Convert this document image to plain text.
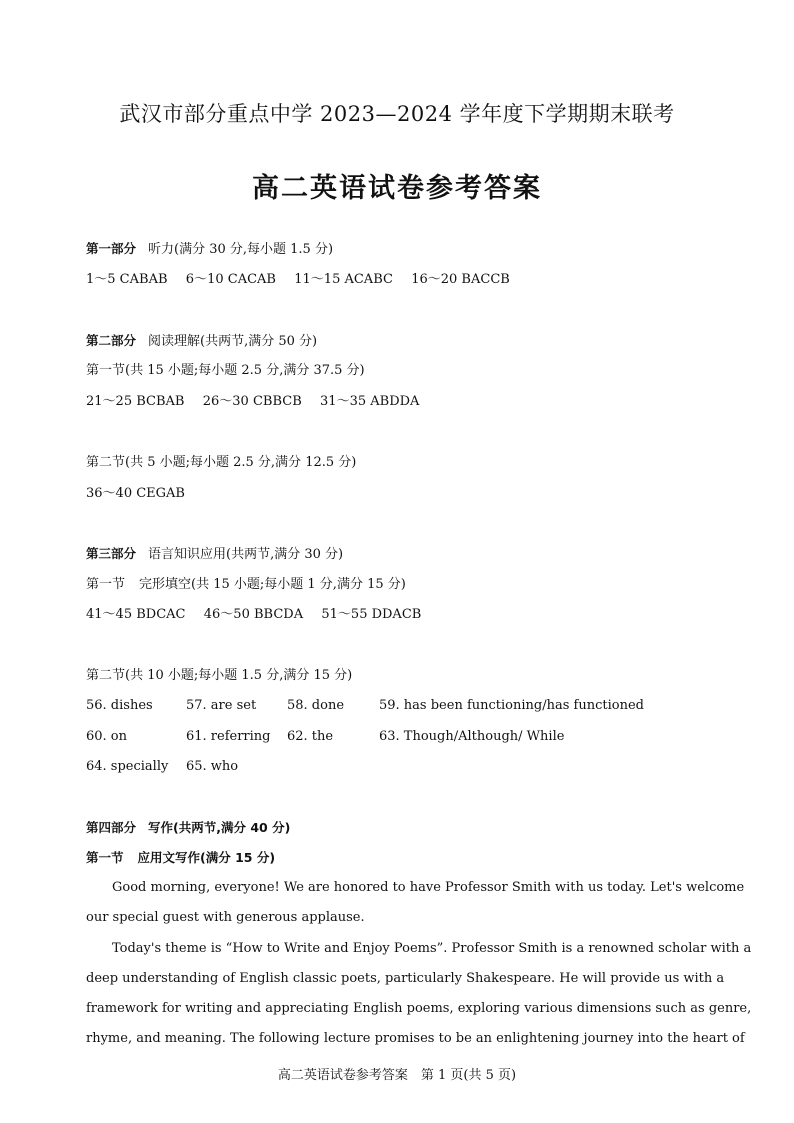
武汉市部分重点中学 2023—2024 学年度下学期期末联考
高二英语试卷参考答案
第一部分 听力(满分 30 分,每小题 1.5 分)
1～5 CABAB 6～10 CACAB 11～15 ACABC 16～20 BACCB
第二部分 阅读理解(共两节,满分 50 分)
第一节(共 15 小题;每小题 2.5 分,满分 37.5 分)
21～25 BCBAB 26～30 CBBCB 31～35 ABDDA
第二节(共 5 小题;每小题 2.5 分,满分 12.5 分)
36～40 CEGAB
第三部分 语言知识应用(共两节,满分 30 分)
第一节 完形填空(共 15 小题;每小题 1 分,满分 15 分)
41～45 BDCAC 46～50 BBCDA 51～55 DDACB
第二节(共 10 小题;每小题 1.5 分,满分 15 分)
56. dishes	57. are set 58. done	59. has been functioning/has functioned
60. on	61. referring 62. the	63. Though/Although/ While
64. specially 65. who
第四部分 写作(共两节,满分 40 分)
第一节 应用文写作(满分 15 分)
Good morning, everyone! We are honored to have Professor Smith with us today. Let's welcome
our special guest with generous applause.
Today's theme is “How to Write and Enjoy Poems”. Professor Smith is a renowned scholar with a
deep understanding of English classic poets, particularly Shakespeare. He will provide us with a
framework for writing and appreciating English poems, exploring various dimensions such as genre,
rhyme, and meaning. The following lecture promises to be an enlightening journey into the heart of
高二英语试卷参考答案　第 1 页(共 5 页)
